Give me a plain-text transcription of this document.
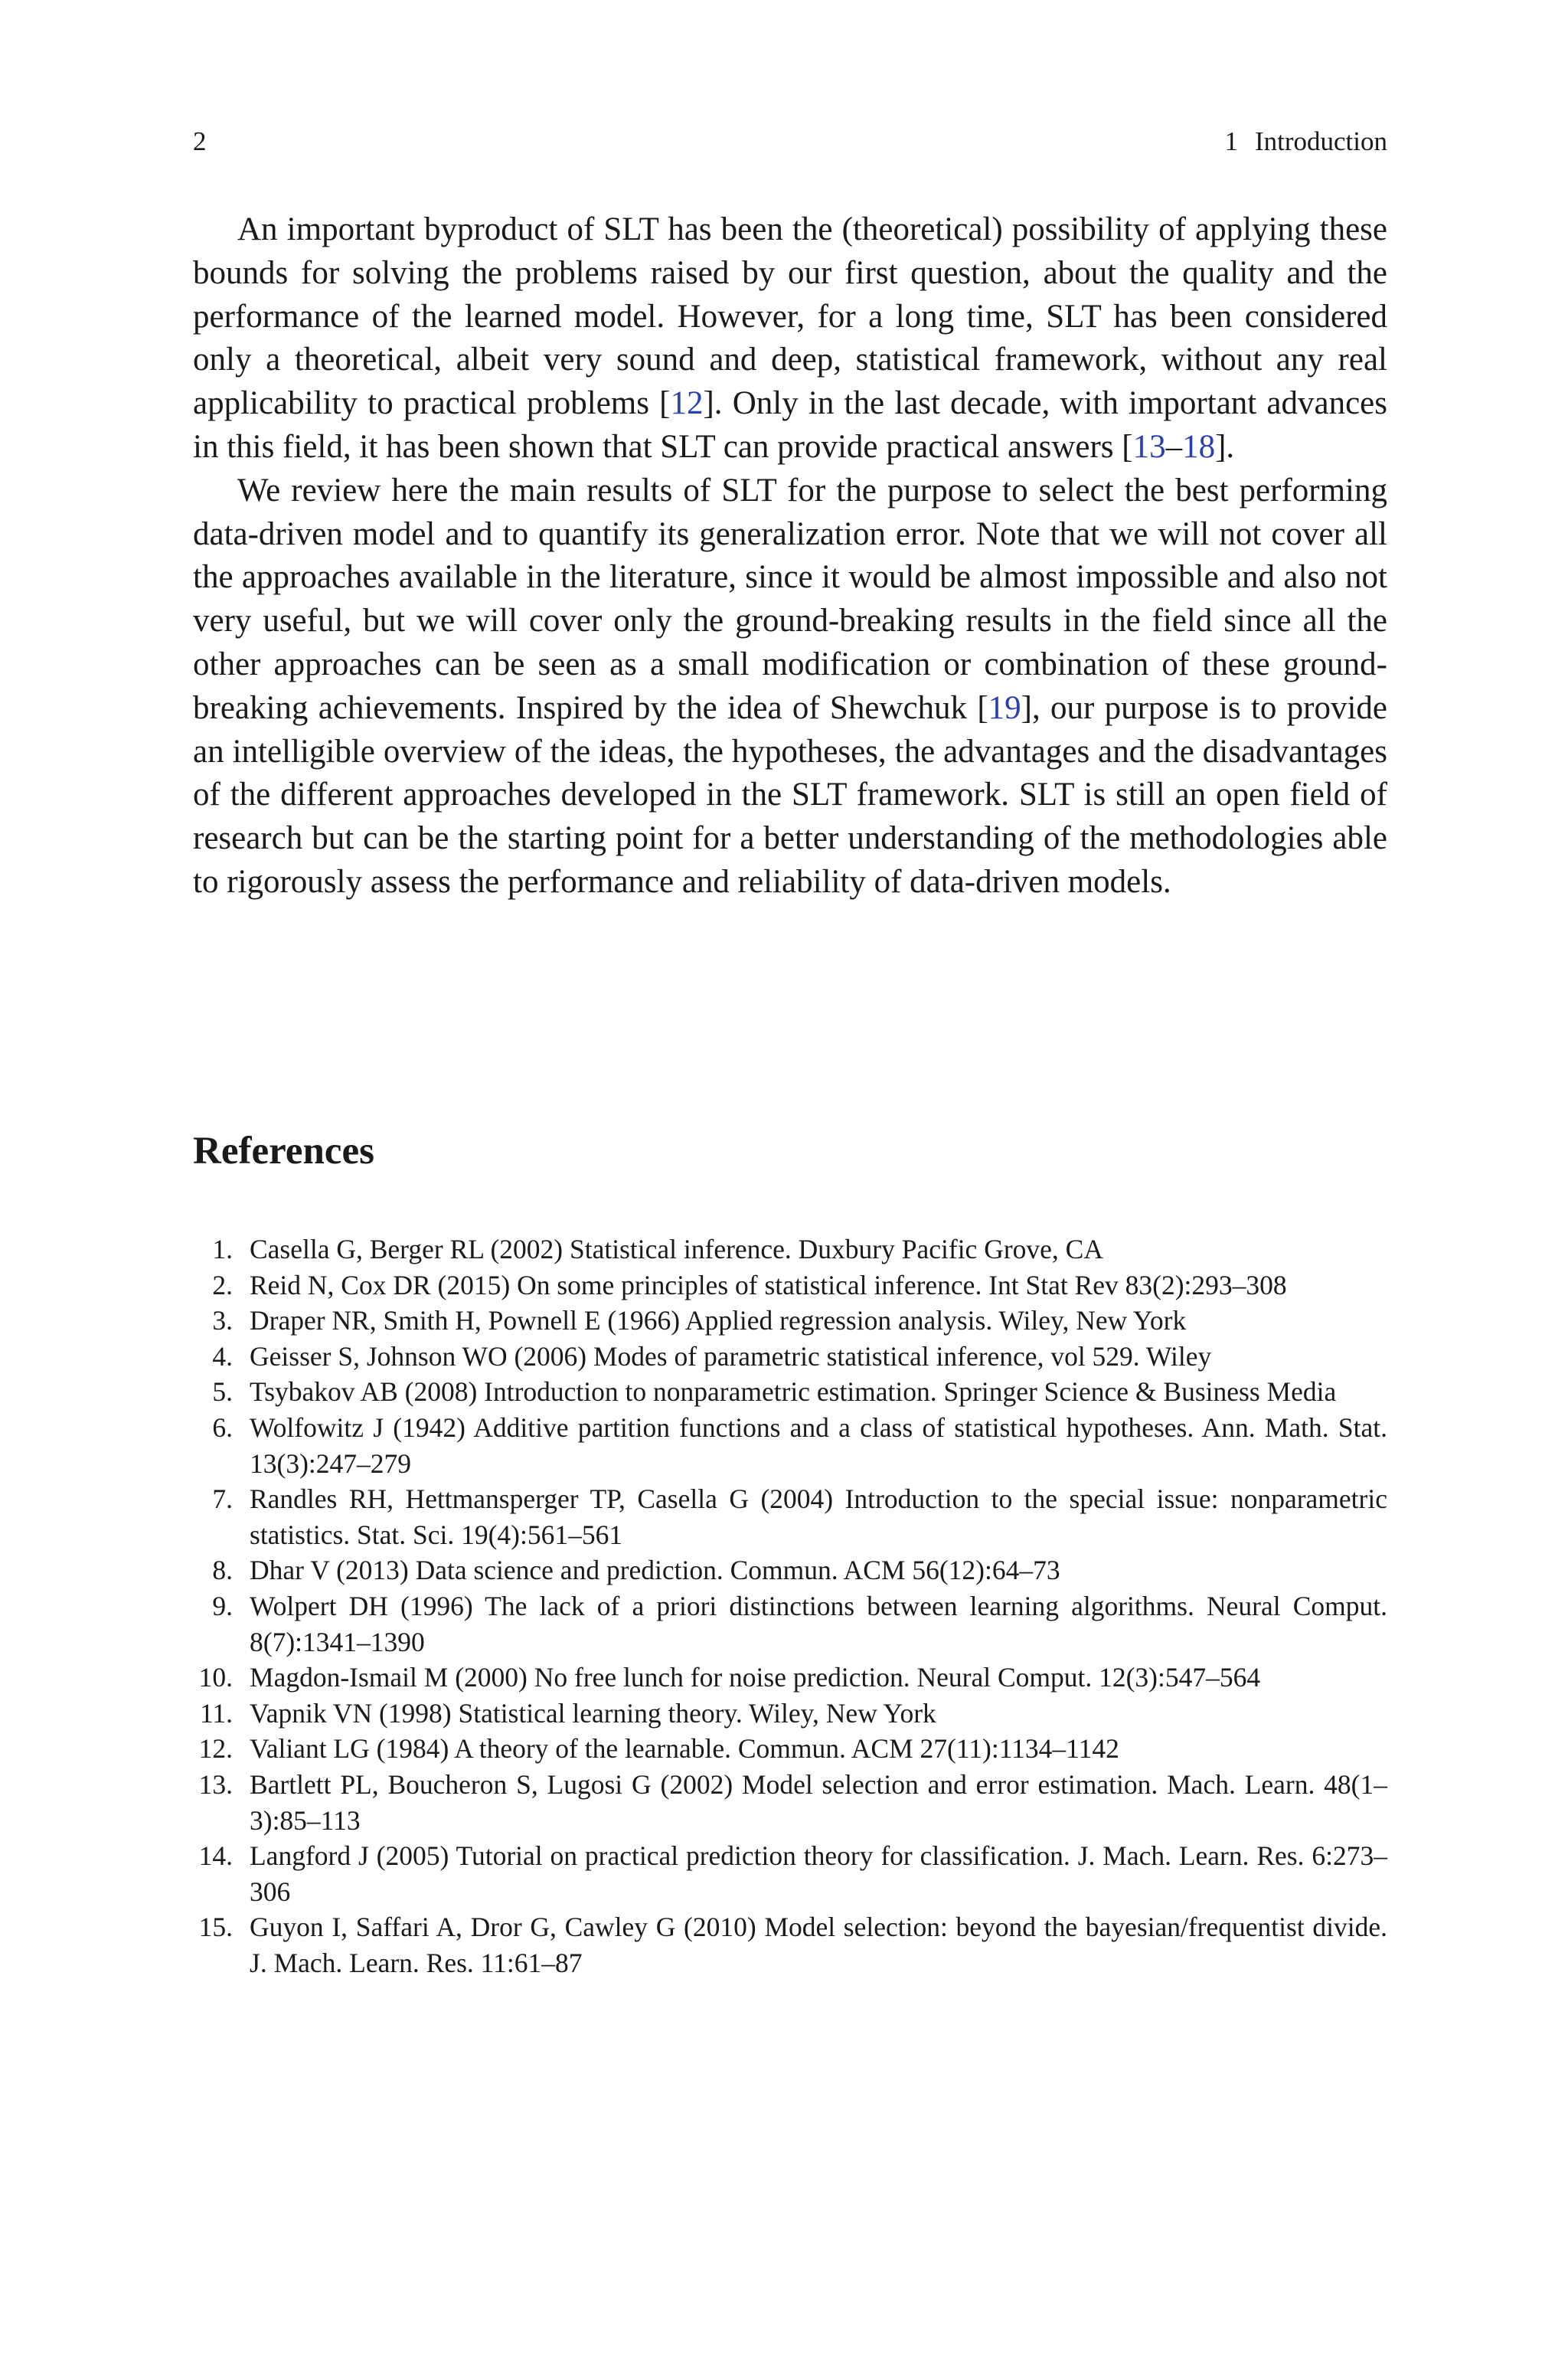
2	1 Introduction

An important byproduct of SLT has been the (theoretical) possibility of applying these bounds for solving the problems raised by our first question, about the quality and the performance of the learned model. However, for a long time, SLT has been considered only a theoretical, albeit very sound and deep, statistical framework, without any real applicability to practical problems [12]. Only in the last decade, with important advances in this field, it has been shown that SLT can provide practical answers [13–18].

We review here the main results of SLT for the purpose to select the best performing data-driven model and to quantify its generalization error. Note that we will not cover all the approaches available in the literature, since it would be almost impossible and also not very useful, but we will cover only the ground-breaking results in the field since all the other approaches can be seen as a small modification or combination of these ground-breaking achievements. Inspired by the idea of Shewchuk [19], our purpose is to provide an intelligible overview of the ideas, the hypotheses, the advantages and the disadvantages of the different approaches developed in the SLT framework. SLT is still an open field of research but can be the starting point for a better understanding of the methodologies able to rigorously assess the performance and reliability of data-driven models.

References
1. Casella G, Berger RL (2002) Statistical inference. Duxbury Pacific Grove, CA
2. Reid N, Cox DR (2015) On some principles of statistical inference. Int Stat Rev 83(2):293–308
3. Draper NR, Smith H, Pownell E (1966) Applied regression analysis. Wiley, New York
4. Geisser S, Johnson WO (2006) Modes of parametric statistical inference, vol 529. Wiley
5. Tsybakov AB (2008) Introduction to nonparametric estimation. Springer Science & Business Media
6. Wolfowitz J (1942) Additive partition functions and a class of statistical hypotheses. Ann. Math. Stat. 13(3):247–279
7. Randles RH, Hettmansperger TP, Casella G (2004) Introduction to the special issue: nonparametric statistics. Stat. Sci. 19(4):561–561
8. Dhar V (2013) Data science and prediction. Commun. ACM 56(12):64–73
9. Wolpert DH (1996) The lack of a priori distinctions between learning algorithms. Neural Comput. 8(7):1341–1390
10. Magdon-Ismail M (2000) No free lunch for noise prediction. Neural Comput. 12(3):547–564
11. Vapnik VN (1998) Statistical learning theory. Wiley, New York
12. Valiant LG (1984) A theory of the learnable. Commun. ACM 27(11):1134–1142
13. Bartlett PL, Boucheron S, Lugosi G (2002) Model selection and error estimation. Mach. Learn. 48(1–3):85–113
14. Langford J (2005) Tutorial on practical prediction theory for classification. J. Mach. Learn. Res. 6:273–306
15. Guyon I, Saffari A, Dror G, Cawley G (2010) Model selection: beyond the bayesian/frequentist divide. J. Mach. Learn. Res. 11:61–87
